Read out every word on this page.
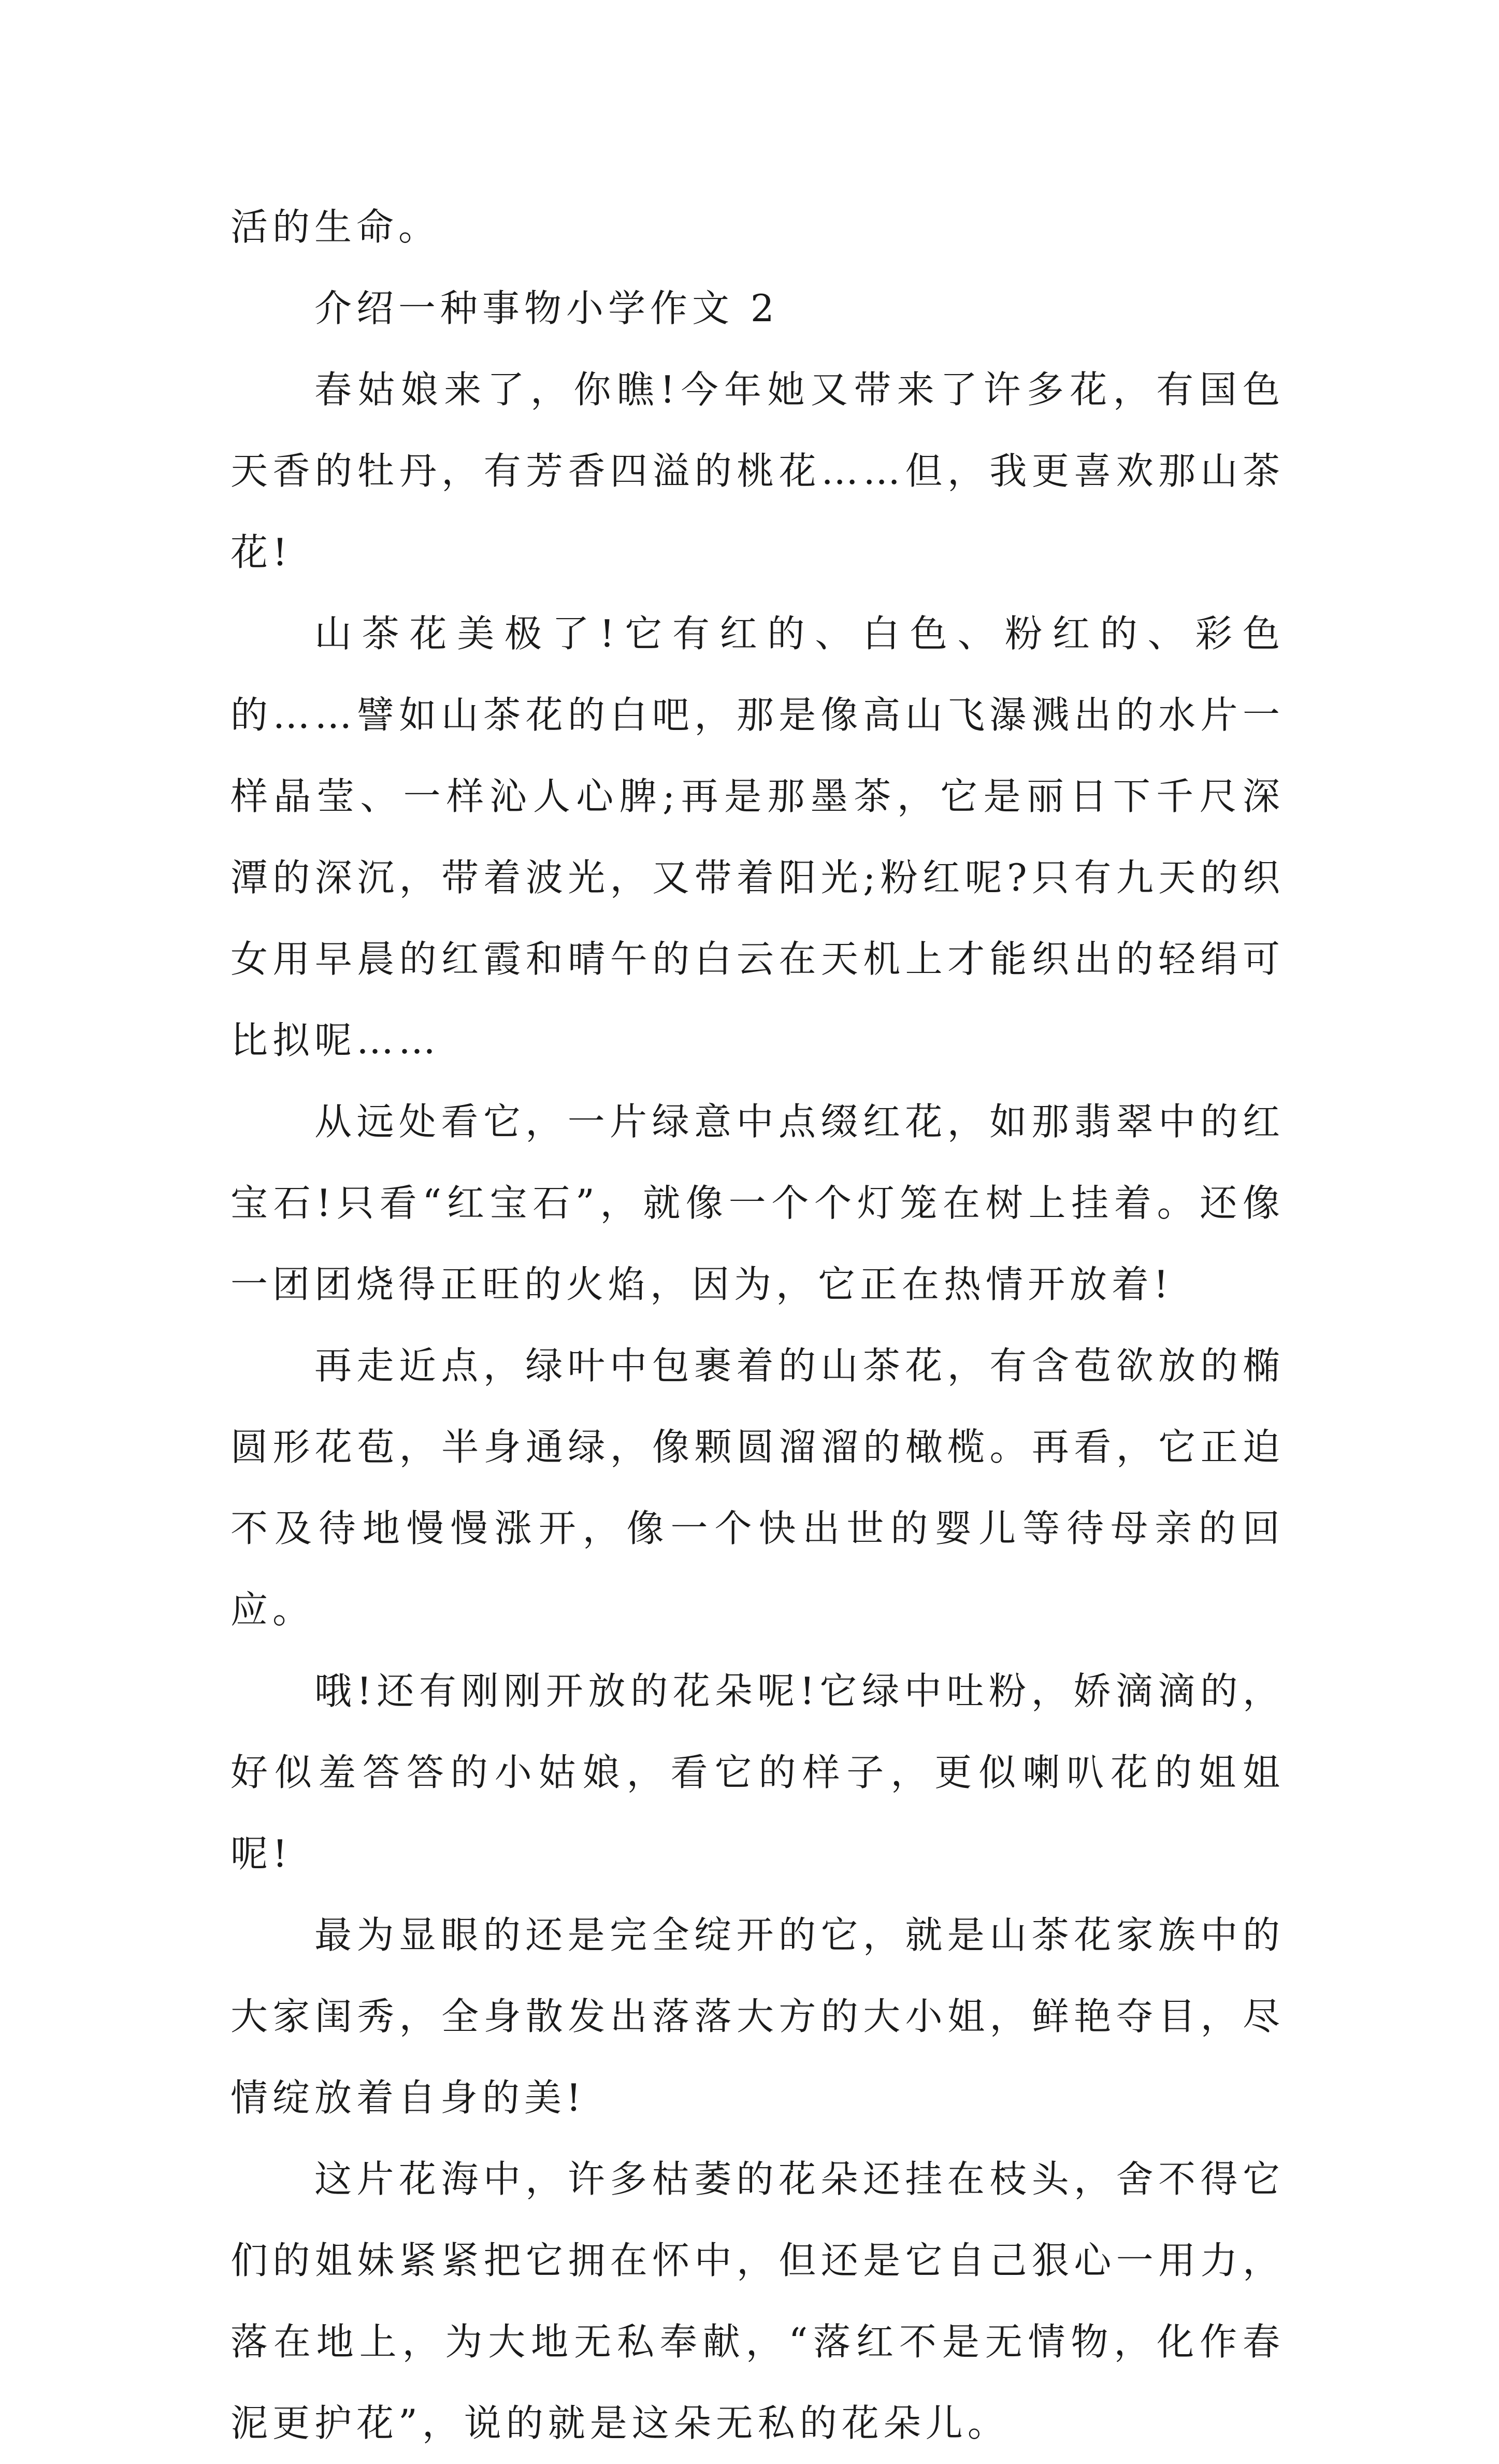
活的生命。

介绍一种事物小学作文 2

春姑娘来了，你瞧!今年她又带来了许多花，有国色天香的牡丹，有芳香四溢的桃花……但，我更喜欢那山茶花!

山茶花美极了!它有红的、白色、粉红的、彩色的……譬如山茶花的白吧，那是像高山飞瀑溅出的水片一样晶莹、一样沁人心脾;再是那墨茶，它是丽日下千尺深潭的深沉，带着波光，又带着阳光;粉红呢?只有九天的织女用早晨的红霞和晴午的白云在天机上才能织出的轻绢可比拟呢……

从远处看它，一片绿意中点缀红花，如那翡翠中的红宝石!只看“红宝石”，就像一个个灯笼在树上挂着。还像一团团烧得正旺的火焰，因为，它正在热情开放着!

再走近点，绿叶中包裹着的山茶花，有含苞欲放的椭圆形花苞，半身通绿，像颗圆溜溜的橄榄。再看，它正迫不及待地慢慢涨开，像一个快出世的婴儿等待母亲的回应。

哦!还有刚刚开放的花朵呢!它绿中吐粉，娇滴滴的，好似羞答答的小姑娘，看它的样子，更似喇叭花的姐姐呢!

最为显眼的还是完全绽开的它，就是山茶花家族中的大家闺秀，全身散发出落落大方的大小姐，鲜艳夺目，尽情绽放着自身的美!

这片花海中，许多枯萎的花朵还挂在枝头，舍不得它们的姐妹紧紧把它拥在怀中，但还是它自己狠心一用力，落在地上，为大地无私奉献，“落红不是无情物，化作春泥更护花”，说的就是这朵无私的花朵儿。
